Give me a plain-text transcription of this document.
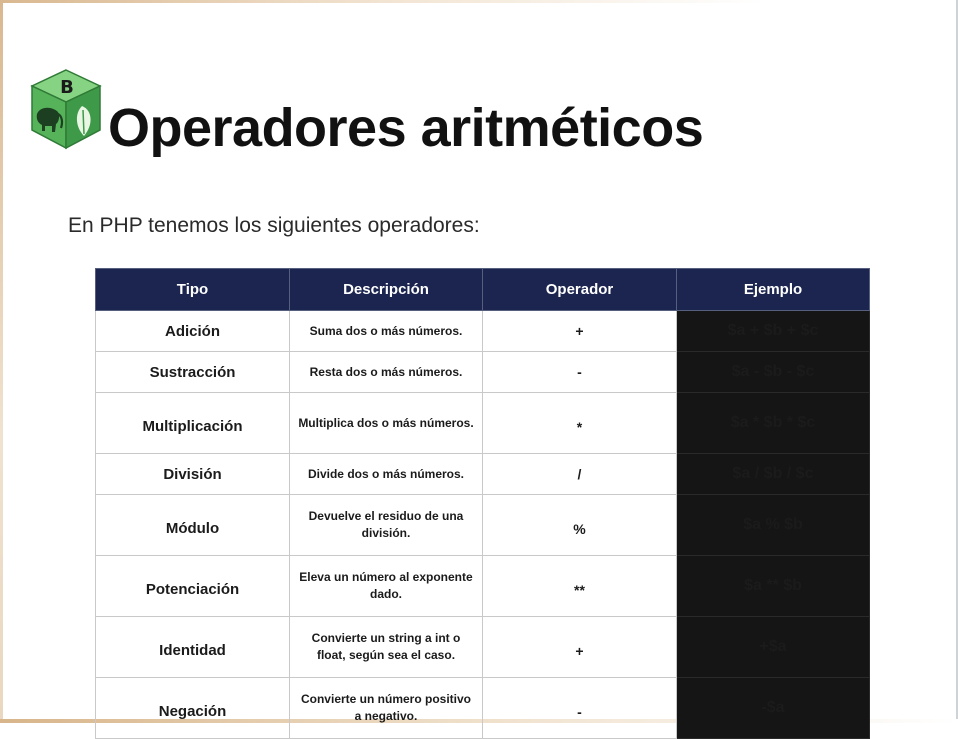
B
Operadores aritméticos

En PHP tenemos los siguientes operadores:

Tipo	Descripción	Operador	Ejemplo
Adición	Suma dos o más números.	+	$a + $b + $c
Sustracción	Resta dos o más números.	-	$a - $b - $c
Multiplicación	Multiplica dos o más números.	*	$a * $b * $c
División	Divide dos o más números.	/	$a / $b / $c
Módulo	Devuelve el residuo de una división.	%	$a % $b
Potenciación	Eleva un número al exponente dado.	**	$a ** $b
Identidad	Convierte un string a int o float, según sea el caso.	+	+$a
Negación	Convierte un número positivo a negativo.	-	-$a
